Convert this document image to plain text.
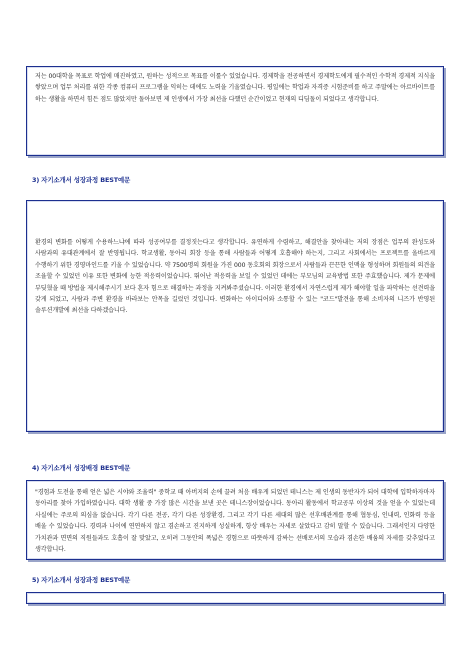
저는 00대학을 목표로 학업에 매진하였고, 원하는 성적으로 목표를 이룰수 있었습니다. 경제학을 전공하면서 경제학도에게 필수적인 수학적 경제적 지식을 쌓았으며 업무 처리를 위한 각종 컴퓨터 프로그램을 익히는 데에도 노력을 기울였습니다. 평일에는 학업과 자격증 시험준비를 하고 주말에는 아르바이트를 하는 생활을 하면서 힘든 점도 많았지만 돌아보면 제 인생에서 가장 최선을 다했던 순간이었고 현재의 디딤돌이 되었다고 생각합니다.

3) 자기소개서 성장과정 BEST예문

환경의 변화를 어떻게 수용하느냐에 따라 성공여부를 결정짓는다고 생각합니다. 유연하게 수렴하고, 해결안을 찾아내는 저의 장점은 업무의 완성도와 사람과의 유대관계에서 잘 반영됩니다. 학교생활, 동아리 회장 등을 통해 사람들과 어떻게 호흡해야 하는지, 그리고 사회에서는 프로젝트를 올바르게 수행하기 위한 경영마인드를 키울 수 있었습니다. 약 7500명의 회원을 가진 000 동호회의 회장으로서 사람들과 끈끈한 인맥을 형성하며 회원들의 의견을 조율할 수 있었던 이유 또한 변화에 능한 적응력이었습니다. 뛰어난 적응력을 보일 수 있었던 데에는 부모님의 교육방법 또한 주효했습니다. 제가 문제에 부딪혔을 때 방법을 제시해주시기 보다 혼자 힘으로 해결하는 과정을 지켜봐주셨습니다. 이러한 환경에서 자연스럽게 제가 해야할 일을 파악하는 선견력을 갖게 되었고, 사람과 주변 환경을 바라보는 안목을 길렀던 것입니다. 변화하는 아이디어와 소통할 수 있는 "코드"발견을 통해 소비자의 니즈가 반영된 솔루션개발에 최선을 다하겠습니다.

4) 자기소개서 성장배경 BEST예문

"경험과 도전을 통해 얻은 넓은 시야와 조율력" 중학교 때 아버지의 손에 끌려 처음 배우게 되었던 테니스는 제 인생의 동반자가 되어 대학에 입학하자마자 동아리를 찾아 가입하였습니다. 대학 생활 중 가장 많은 시간을 보낸 곳은 테니스장이었습니다. 동아리 활동에서 학교공부 이상의 것을 얻을 수 있었는데 사실에는 주로의 의심을 없습니다. 각기 다른 전공, 각기 다른 성장환경, 그리고 각기 다른 세대의 많은 선후배관계를 통해 협동심, 인내력, 인화력 등을 배울 수 있었습니다. 경력과 나이에 연연하지 않고 겸손하고 진지하게 성실하게, 항상 배우는 자세로 살았다고 감히 말할 수 있습니다. 그래서인지 다양한 가치관과 면면의 직원들과도 호흡이 잘 맞았고, 오히려 그동안의 폭넓은 경험으로 따뜻하게 감싸는 선배로서의 모습과 겸손한 배움의 자세를 갖추었다고 생각합니다.

5) 자기소개서 성장과정 BEST예문
